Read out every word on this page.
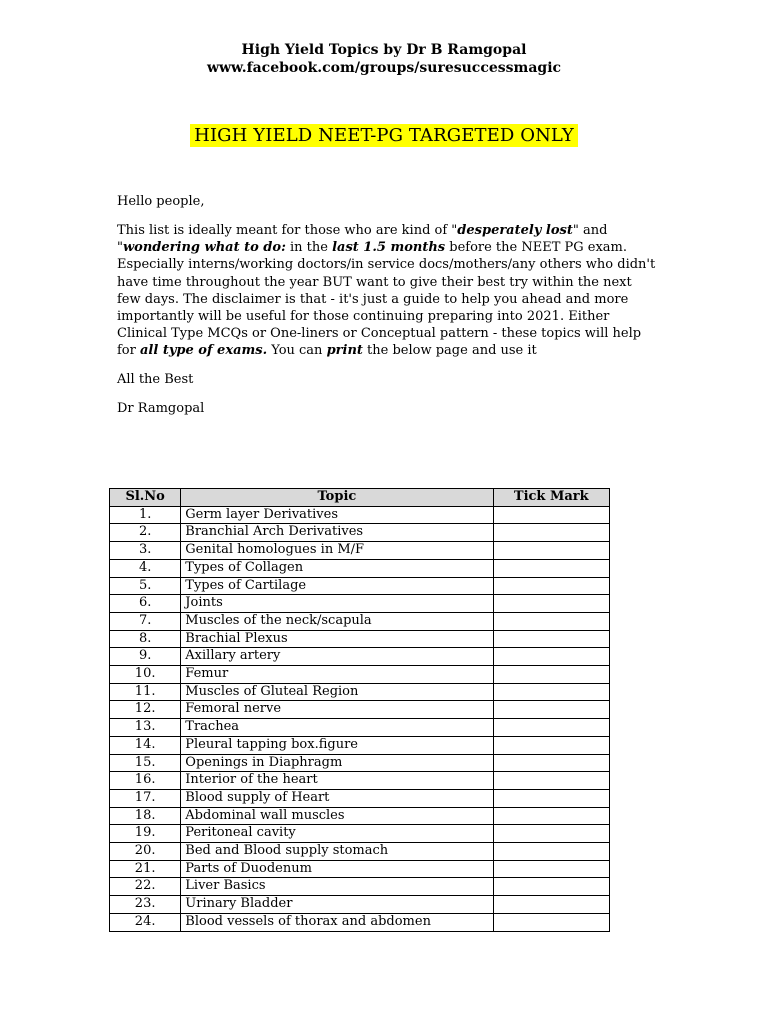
High Yield Topics by Dr B Ramgopal
www.facebook.com/groups/suresuccessmagic
HIGH YIELD NEET-PG TARGETED ONLY

Hello people,

This list is ideally meant for those who are kind of "desperately lost" and "wondering what to do: in the last 1.5 months before the NEET PG exam. Especially interns/working doctors/in service docs/mothers/any others who didn't have time throughout the year BUT want to give their best try within the next few days. The disclaimer is that - it's just a guide to help you ahead and more importantly will be useful for those continuing preparing into 2021. Either Clinical Type MCQs or One-liners or Conceptual pattern - these topics will help for all type of exams. You can print the below page and use it

All the Best

Dr Ramgopal

Sl.No	Topic	Tick Mark
1.	Germ layer Derivatives	
2.	Branchial Arch Derivatives	
3.	Genital homologues in M/F	
4.	Types of Collagen	
5.	Types of Cartilage	
6.	Joints	
7.	Muscles of the neck/scapula	
8.	Brachial Plexus	
9.	Axillary artery	
10.	Femur	
11.	Muscles of Gluteal Region	
12.	Femoral nerve	
13.	Trachea	
14.	Pleural tapping box.figure	
15.	Openings in Diaphragm	
16.	Interior of the heart	
17.	Blood supply of Heart	
18.	Abdominal wall muscles	
19.	Peritoneal cavity	
20.	Bed and Blood supply stomach	
21.	Parts of Duodenum	
22.	Liver Basics	
23.	Urinary Bladder	
24.	Blood vessels of thorax and abdomen	
